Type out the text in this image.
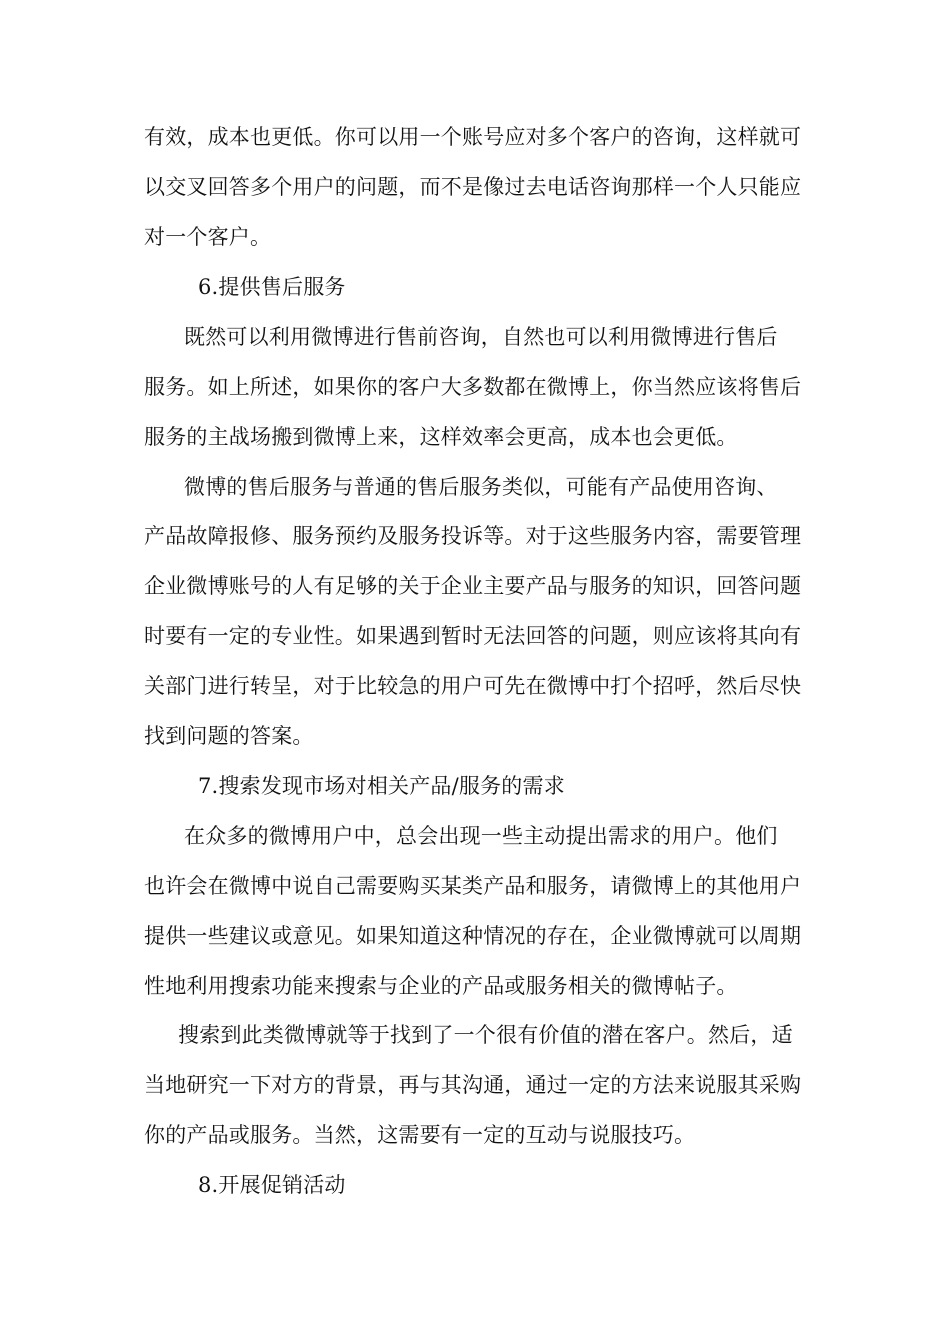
有效，成本也更低。你可以用一个账号应对多个客户的咨询，这样就可
以交叉回答多个用户的问题，而不是像过去电话咨询那样一个人只能应
对一个客户。
6.提供售后服务
既然可以利用微博进行售前咨询，自然也可以利用微博进行售后
服务。如上所述，如果你的客户大多数都在微博上，你当然应该将售后
服务的主战场搬到微博上来，这样效率会更高，成本也会更低。
微博的售后服务与普通的售后服务类似，可能有产品使用咨询、
产品故障报修、服务预约及服务投诉等。对于这些服务内容，需要管理
企业微博账号的人有足够的关于企业主要产品与服务的知识，回答问题
时要有一定的专业性。如果遇到暂时无法回答的问题，则应该将其向有
关部门进行转呈，对于比较急的用户可先在微博中打个招呼，然后尽快
找到问题的答案。
7.搜索发现市场对相关产品/服务的需求
在众多的微博用户中，总会出现一些主动提出需求的用户。他们
也许会在微博中说自己需要购买某类产品和服务，请微博上的其他用户
提供一些建议或意见。如果知道这种情况的存在，企业微博就可以周期
性地利用搜索功能来搜索与企业的产品或服务相关的微博帖子。
搜索到此类微博就等于找到了一个很有价值的潜在客户。然后，适
当地研究一下对方的背景，再与其沟通，通过一定的方法来说服其采购
你的产品或服务。当然，这需要有一定的互动与说服技巧。
8.开展促销活动
